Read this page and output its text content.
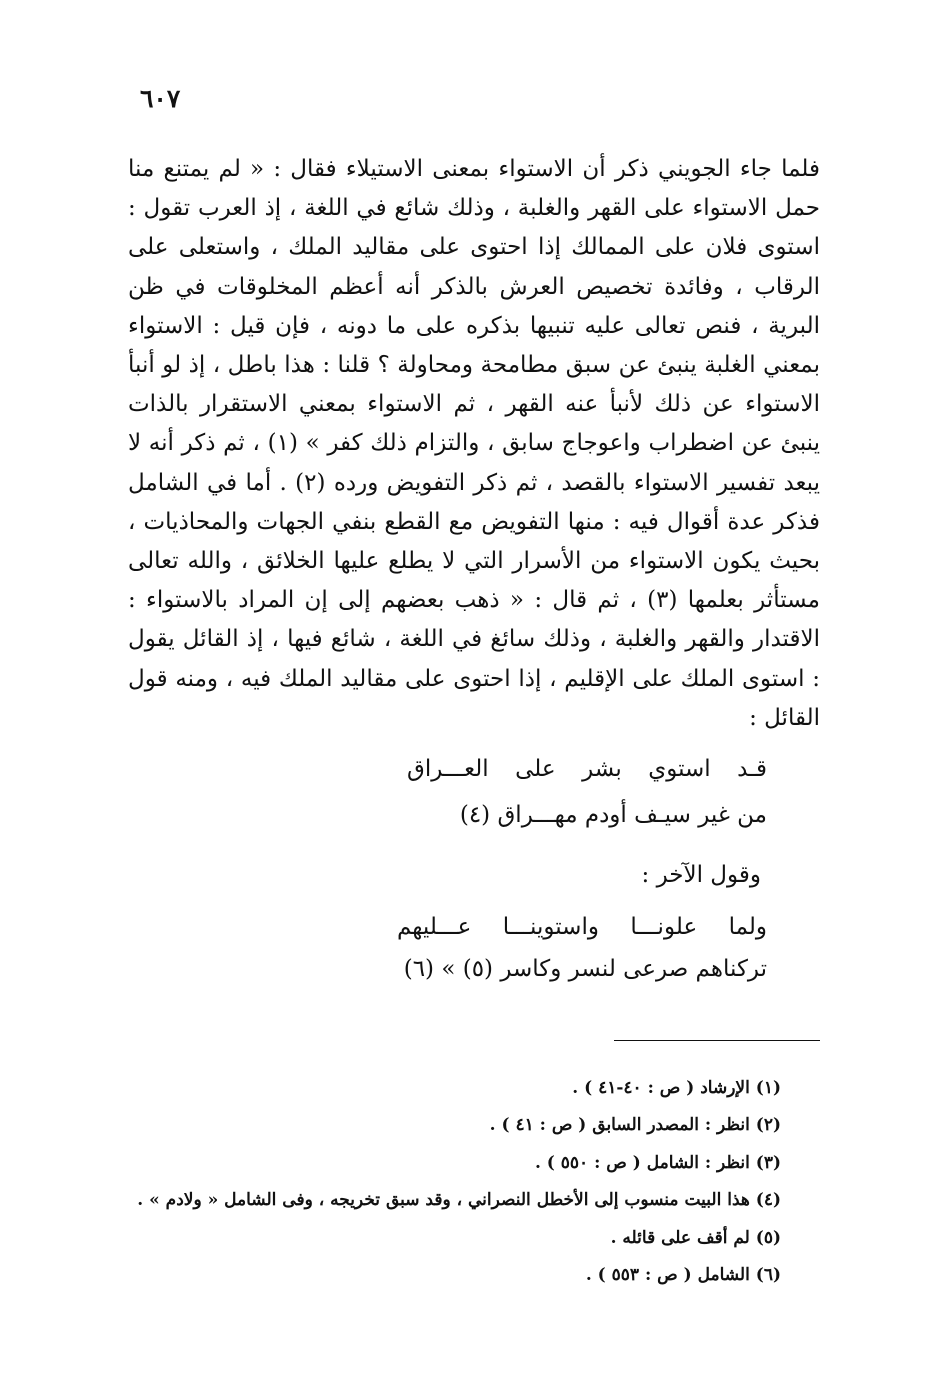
٦٠٧

فلما جاء الجويني ذكر أن الاستواء بمعنى الاستيلاء فقال : « لم يمتنع منا حمل الاستواء على القهر والغلبة ، وذلك شائع في اللغة ، إذ العرب تقول : استوى فلان على الممالك إذا احتوى على مقاليد الملك ، واستعلى على الرقاب ، وفائدة تخصيص العرش بالذكر أنه أعظم المخلوقات في ظن البرية ، فنص تعالى عليه تنبيها بذكره على ما دونه ، فإن قيل : الاستواء بمعني الغلبة ينبئ عن سبق مطامحة ومحاولة ؟ قلنا : هذا باطل ، إذ لو أنبأ الاستواء عن ذلك لأنبأ عنه القهر ، ثم الاستواء بمعني الاستقرار بالذات ينبئ عن اضطراب واعوجاج سابق ، والتزام ذلك كفر » (١) ، ثم ذكر أنه لا يبعد تفسير الاستواء بالقصد ، ثم ذكر التفويض ورده (٢) . أما في الشامل فذكر عدة أقوال فيه : منها التفويض مع القطع بنفي الجهات والمحاذيات ، بحيث يكون الاستواء من الأسرار التي لا يطلع عليها الخلائق ، والله تعالى مستأثر بعلمها (٣) ، ثم قال : « ذهب بعضهم إلى إن المراد بالاستواء : الاقتدار والقهر والغلبة ، وذلك سائغ في اللغة ، شائع فيها ، إذ القائل يقول : استوى الملك على الإقليم ، إذا احتوى على مقاليد الملك فيه ، ومنه قول القائل :

قـد استوي بشر على العـــراق
من غير سيـف أودم مهـــراق (٤)
وقول الآخر :
ولما علونـــا واستوينـــا عـــليهم
تركناهم صرعى لنسر وكاسر (٥) » (٦)
(١) الإرشاد ( ص : ٤٠-٤١ ) .
(٢) انظر : المصدر السابق ( ص : ٤١ ) .
(٣) انظر : الشامل ( ص : ٥٥٠ ) .
(٤) هذا البيت منسوب إلى الأخطل النصراني ، وقد سبق تخريجه ، وفى الشامل « ولادم » .
(٥) لم أقف على قائله .
(٦) الشامل ( ص : ٥٥٣ ) .
